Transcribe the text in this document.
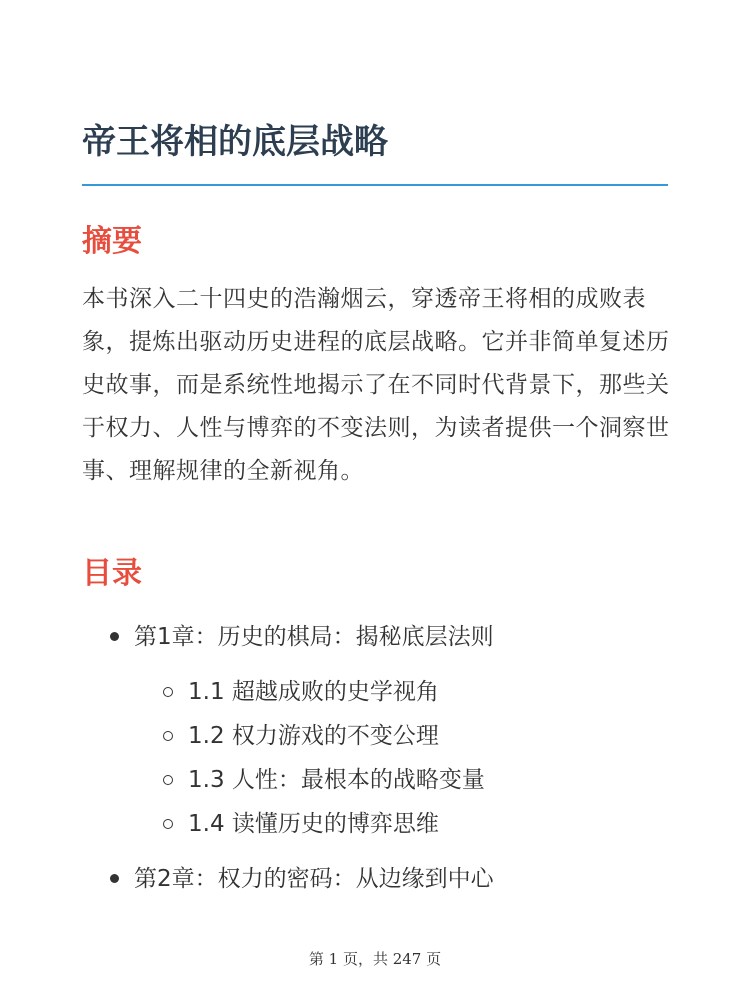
帝王将相的底层战略
摘要

本书深入二十四史的浩瀚烟云，穿透帝王将相的成败表象，提炼出驱动历史进程的底层战略。它并非简单复述历史故事，而是系统性地揭示了在不同时代背景下，那些关于权力、人性与博弈的不变法则，为读者提供一个洞察世事、理解规律的全新视角。

目录
第1章：历史的棋局：揭秘底层法则
1.1 超越成败的史学视角
1.2 权力游戏的不变公理
1.3 人性：最根本的战略变量
1.4 读懂历史的博弈思维
第2章：权力的密码：从边缘到中心
第 1 页，共 247 页
